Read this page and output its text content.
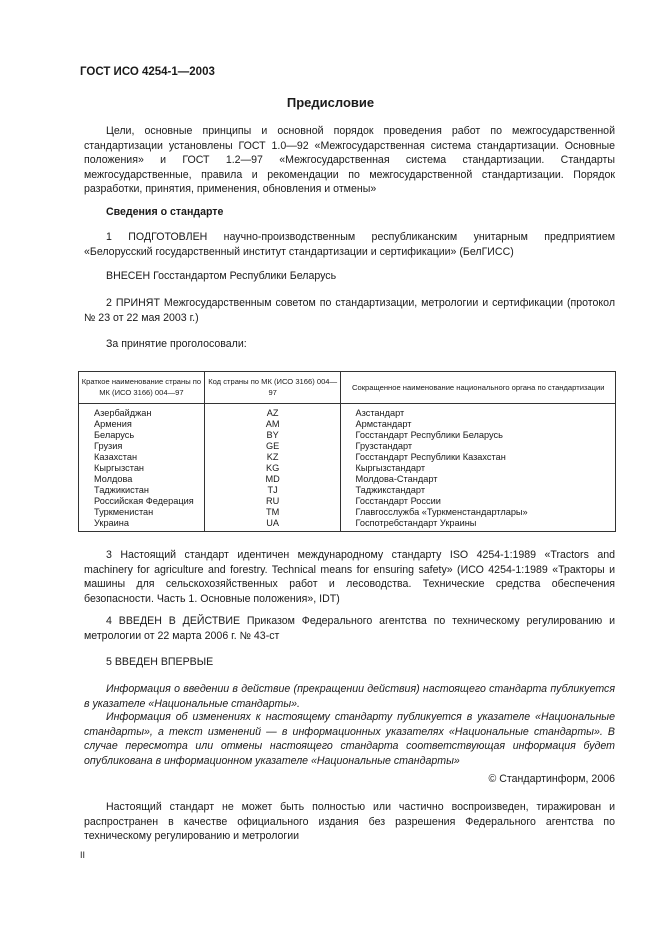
ГОСТ ИСО 4254-1—2003
Предисловие

Цели, основные принципы и основной порядок проведения работ по межгосударственной стандартизации установлены ГОСТ 1.0—92 «Межгосударственная система стандартизации. Основные положения» и ГОСТ 1.2—97 «Межгосударственная система стандартизации. Стандарты межгосударственные, правила и рекомендации по межгосударственной стандартизации. Порядок разработки, принятия, применения, обновления и отмены»

Сведения о стандарте

1 ПОДГОТОВЛЕН научно-производственным республиканским унитарным предприятием «Белорусский государственный институт стандартизации и сертификации» (БелГИСС)

ВНЕСЕН Госстандартом Республики Беларусь

2 ПРИНЯТ Межгосударственным советом по стандартизации, метрологии и сертификации (протокол № 23 от 22 мая 2003 г.)

За принятие проголосовали:
Краткое наименование страны по МК (ИСО 3166) 004—97	Код страны по МК (ИСО 3166) 004—97	Сокращенное наименование национального органа по стандартизации
Азербайджан	AZ	Азстандарт
Армения	AM	Армстандарт
Беларусь	BY	Госстандарт Республики Беларусь
Грузия	GE	Грузстандарт
Казахстан	KZ	Госстандарт Республики Казахстан
Кыргызстан	KG	Кыргызстандарт
Молдова	MD	Молдова-Стандарт
Таджикистан	TJ	Таджикстандарт
Российская Федерация	RU	Госстандарт России
Туркменистан	TM	Главгосслужба «Туркменстандартлары»
Украина	UA	Госпотребстандарт Украины

3 Настоящий стандарт идентичен международному стандарту ISO 4254-1:1989 «Tractors and machinery for agriculture and forestry. Technical means for ensuring safety» (ИСО 4254-1:1989 «Тракторы и машины для сельскохозяйственных работ и лесоводства. Технические средства обеспечения безопасности. Часть 1. Основные положения», IDT)

4 ВВЕДЕН В ДЕЙСТВИЕ Приказом Федерального агентства по техническому регулированию и метрологии от 22 марта 2006 г. № 43-ст

5 ВВЕДЕН ВПЕРВЫЕ

Информация о введении в действие (прекращении действия) настоящего стандарта публикуется в указателе «Национальные стандарты».

Информация об изменениях к настоящему стандарту публикуется в указателе «Национальные стандарты», а текст изменений — в информационных указателях «Национальные стандарты». В случае пересмотра или отмены настоящего стандарта соответствующая информация будет опубликована в информационном указателе «Национальные стандарты»

© Стандартинформ, 2006

Настоящий стандарт не может быть полностью или частично воспроизведен, тиражирован и распространен в качестве официального издания без разрешения Федерального агентства по техническому регулированию и метрологии

II
